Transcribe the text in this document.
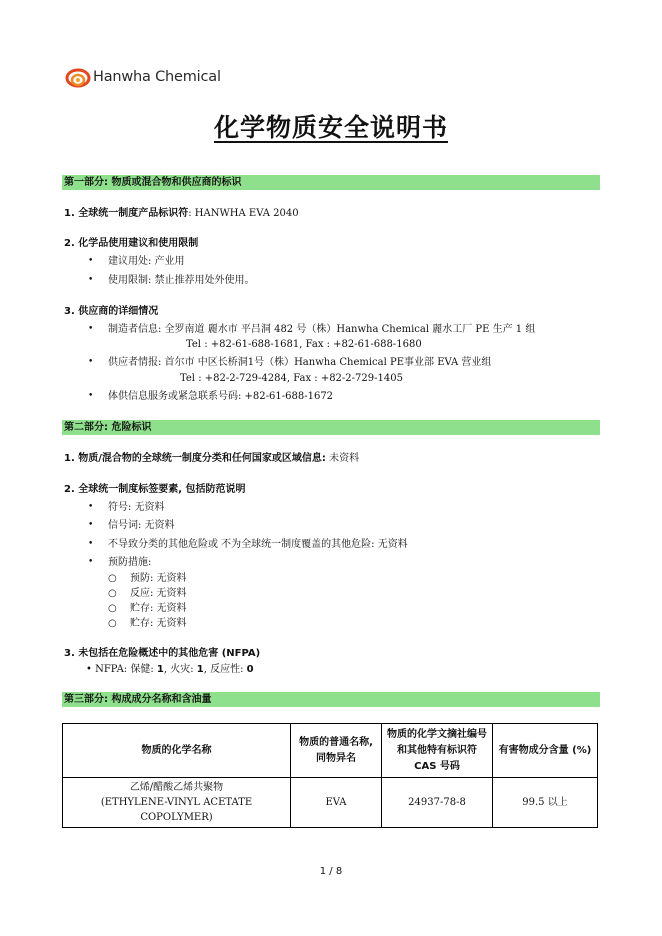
Hanwha Chemical
化学物质安全说明书
第一部分: 物质或混合物和供应商的标识
1. 全球统一制度产品标识符: HANWHA EVA 2040
2. 化学品使用建议和使用限制
• 建议用处: 产业用
• 使用限制: 禁止推荐用处外使用。
3. 供应商的详细情况
• 制造者信息: 全罗南道 麗水市 平吕洞 482 号（株）Hanwha Chemical 麗水工厂 PE 生产 1 组
Tel : +82-61-688-1681, Fax : +82-61-688-1680
• 供应者情报: 首尔市 中区长桥洞1号（株）Hanwha Chemical PE事业部 EVA 营业组
Tel : +82-2-729-4284, Fax : +82-2-729-1405
• 体供信息服务或紧急联系号码: +82-61-688-1672
第二部分: 危险标识
1. 物质/混合物的全球统一制度分类和任何国家或区域信息: 未资料
2. 全球统一制度标签要素, 包括防范说明
• 符号: 无资料
• 信号词: 无资料
• 不导致分类的其他危险或 不为全球统一制度覆盖的其他危险: 无资料
• 预防措施:
○ 预防: 无资料
○ 反应: 无资料
○ 贮存: 无资料
○ 贮存: 无资料
3. 未包括在危险概述中的其他危害 (NFPA)
• NFPA: 保健: 1, 火灾: 1, 反应性: 0
第三部分: 构成成分名称和含油量
物质的化学名称	物质的普通名称, 同物异名	物质的化学文摘社编号和其他特有标识符 CAS 号码	有害物成分含量 (%)

乙烯/醋酸乙烯共聚物
(ETHYLENE-VINYL ACETATE COPOLYMER)	EVA	24937-78-8	99.5 以上
1 / 8
